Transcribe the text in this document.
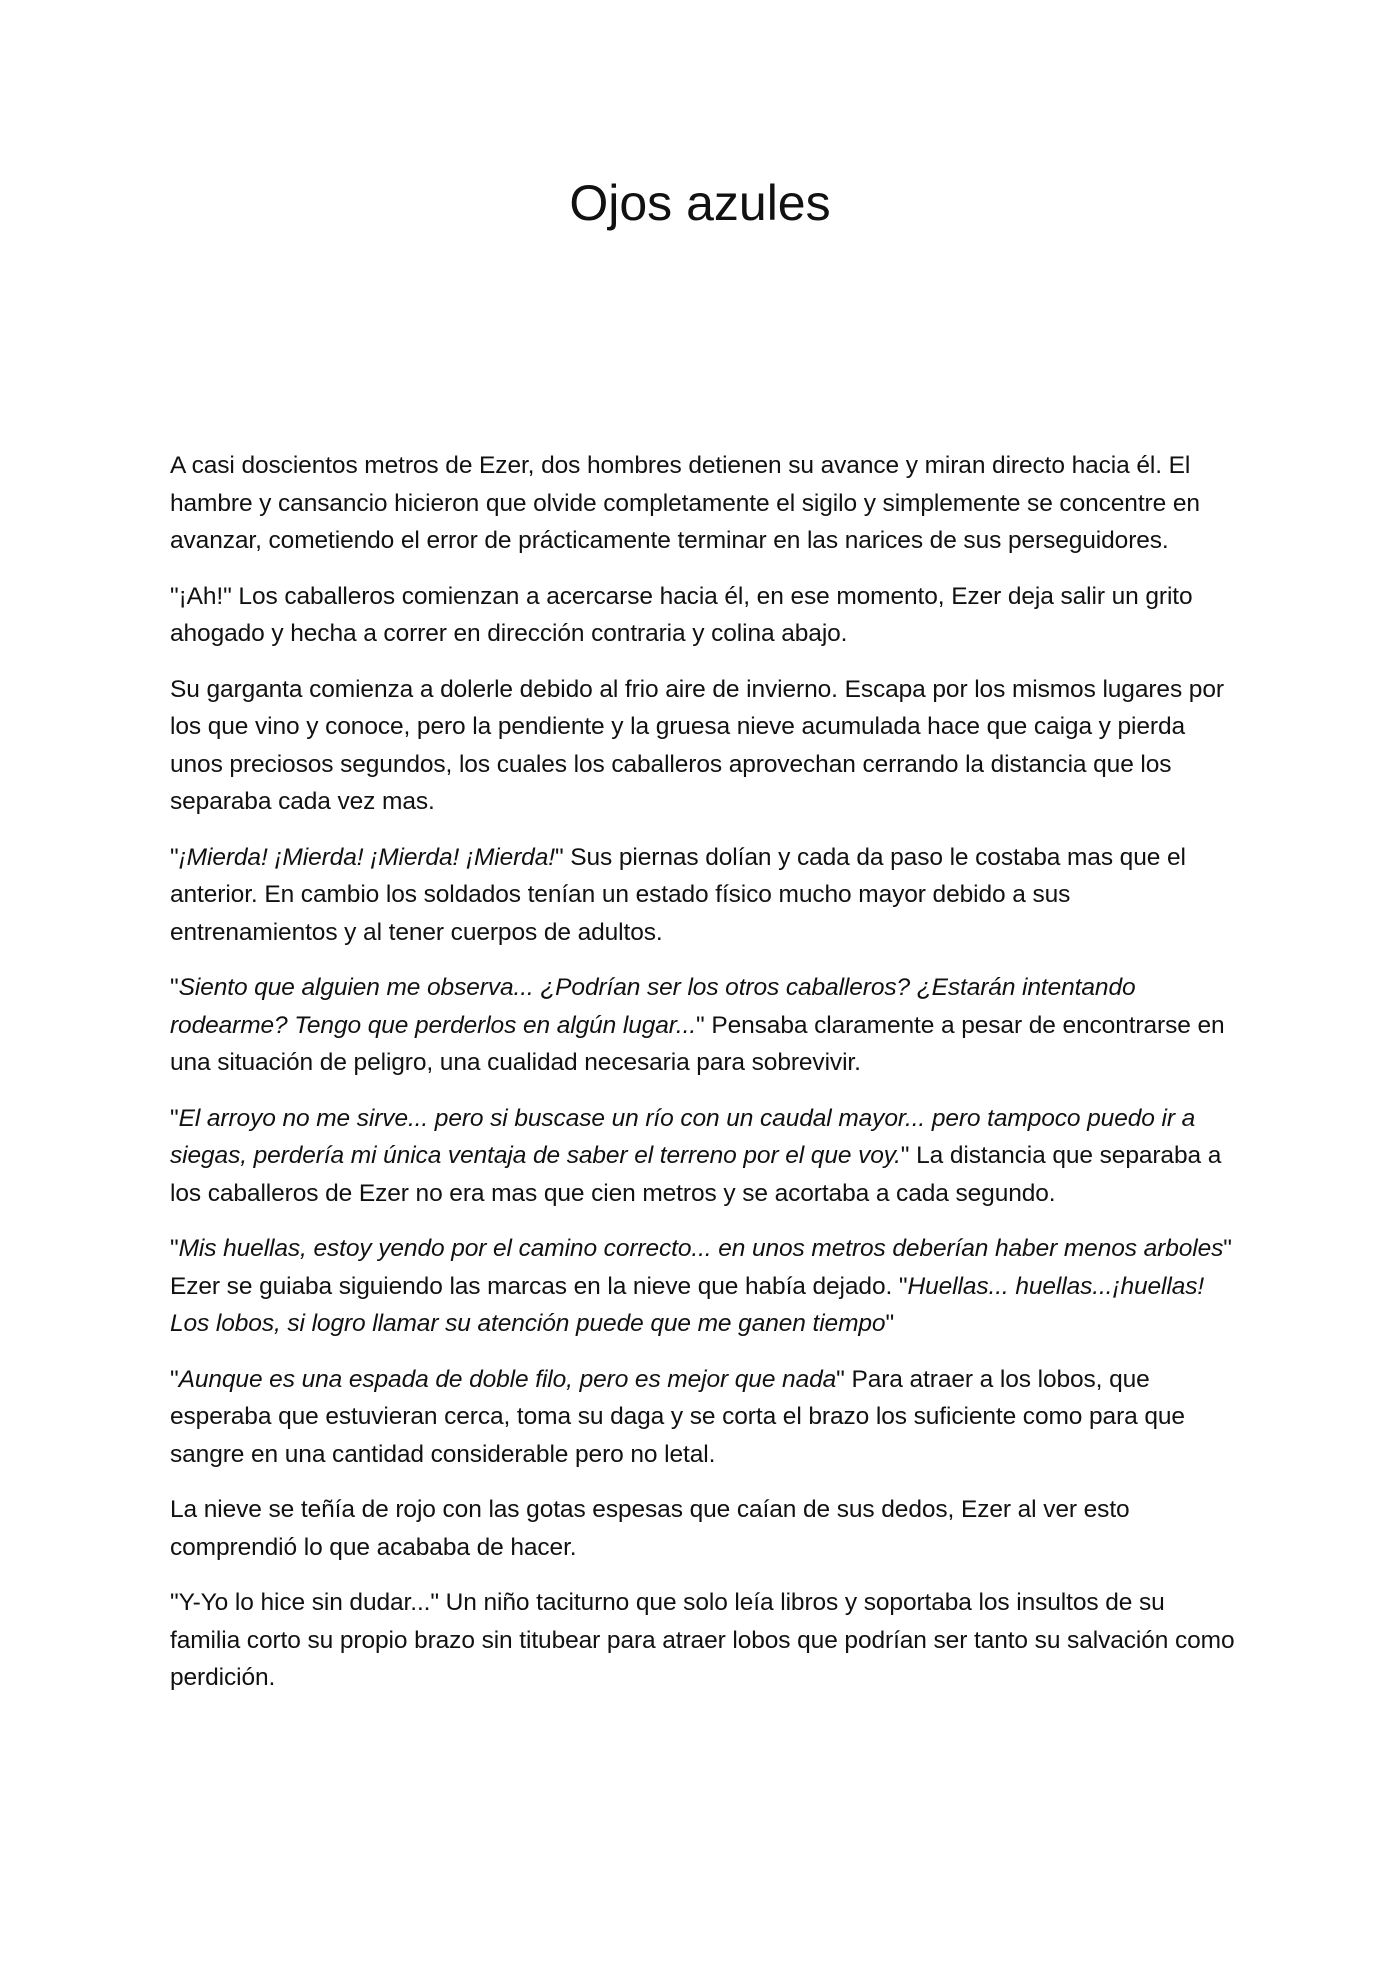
Ojos azules

A casi doscientos metros de Ezer, dos hombres detienen su avance y miran directo hacia él. El hambre y cansancio hicieron que olvide completamente el sigilo y simplemente se concentre en avanzar, cometiendo el error de prácticamente terminar en las narices de sus perseguidores.

"¡Ah!" Los caballeros comienzan a acercarse hacia él, en ese momento, Ezer deja salir un grito ahogado y hecha a correr en dirección contraria y colina abajo.

Su garganta comienza a dolerle debido al frio aire de invierno. Escapa por los mismos lugares por los que vino y conoce, pero la pendiente y la gruesa nieve acumulada hace que caiga y pierda unos preciosos segundos, los cuales los caballeros aprovechan cerrando la distancia que los separaba cada vez mas.

"¡Mierda! ¡Mierda! ¡Mierda! ¡Mierda!" Sus piernas dolían y cada da paso le costaba mas que el anterior. En cambio los soldados tenían un estado físico mucho mayor debido a sus entrenamientos y al tener cuerpos de adultos.

"Siento que alguien me observa... ¿Podrían ser los otros caballeros? ¿Estarán intentando rodearme? Tengo que perderlos en algún lugar..." Pensaba claramente a pesar de encontrarse en una situación de peligro, una cualidad necesaria para sobrevivir.

"El arroyo no me sirve... pero si buscase un río con un caudal mayor... pero tampoco puedo ir a siegas, perdería mi única ventaja de saber el terreno por el que voy." La distancia que separaba a los caballeros de Ezer no era mas que cien metros y se acortaba a cada segundo.

"Mis huellas, estoy yendo por el camino correcto... en unos metros deberían haber menos arboles" Ezer se guiaba siguiendo las marcas en la nieve que había dejado. "Huellas... huellas...¡huellas! Los lobos, si logro llamar su atención puede que me ganen tiempo"

"Aunque es una espada de doble filo, pero es mejor que nada" Para atraer a los lobos, que esperaba que estuvieran cerca, toma su daga y se corta el brazo los suficiente como para que sangre en una cantidad considerable pero no letal.

La nieve se teñía de rojo con las gotas espesas que caían de sus dedos, Ezer al ver esto comprendió lo que acababa de hacer.

"Y-Yo lo hice sin dudar..." Un niño taciturno que solo leía libros y soportaba los insultos de su familia corto su propio brazo sin titubear para atraer lobos que podrían ser tanto su salvación como perdición.
